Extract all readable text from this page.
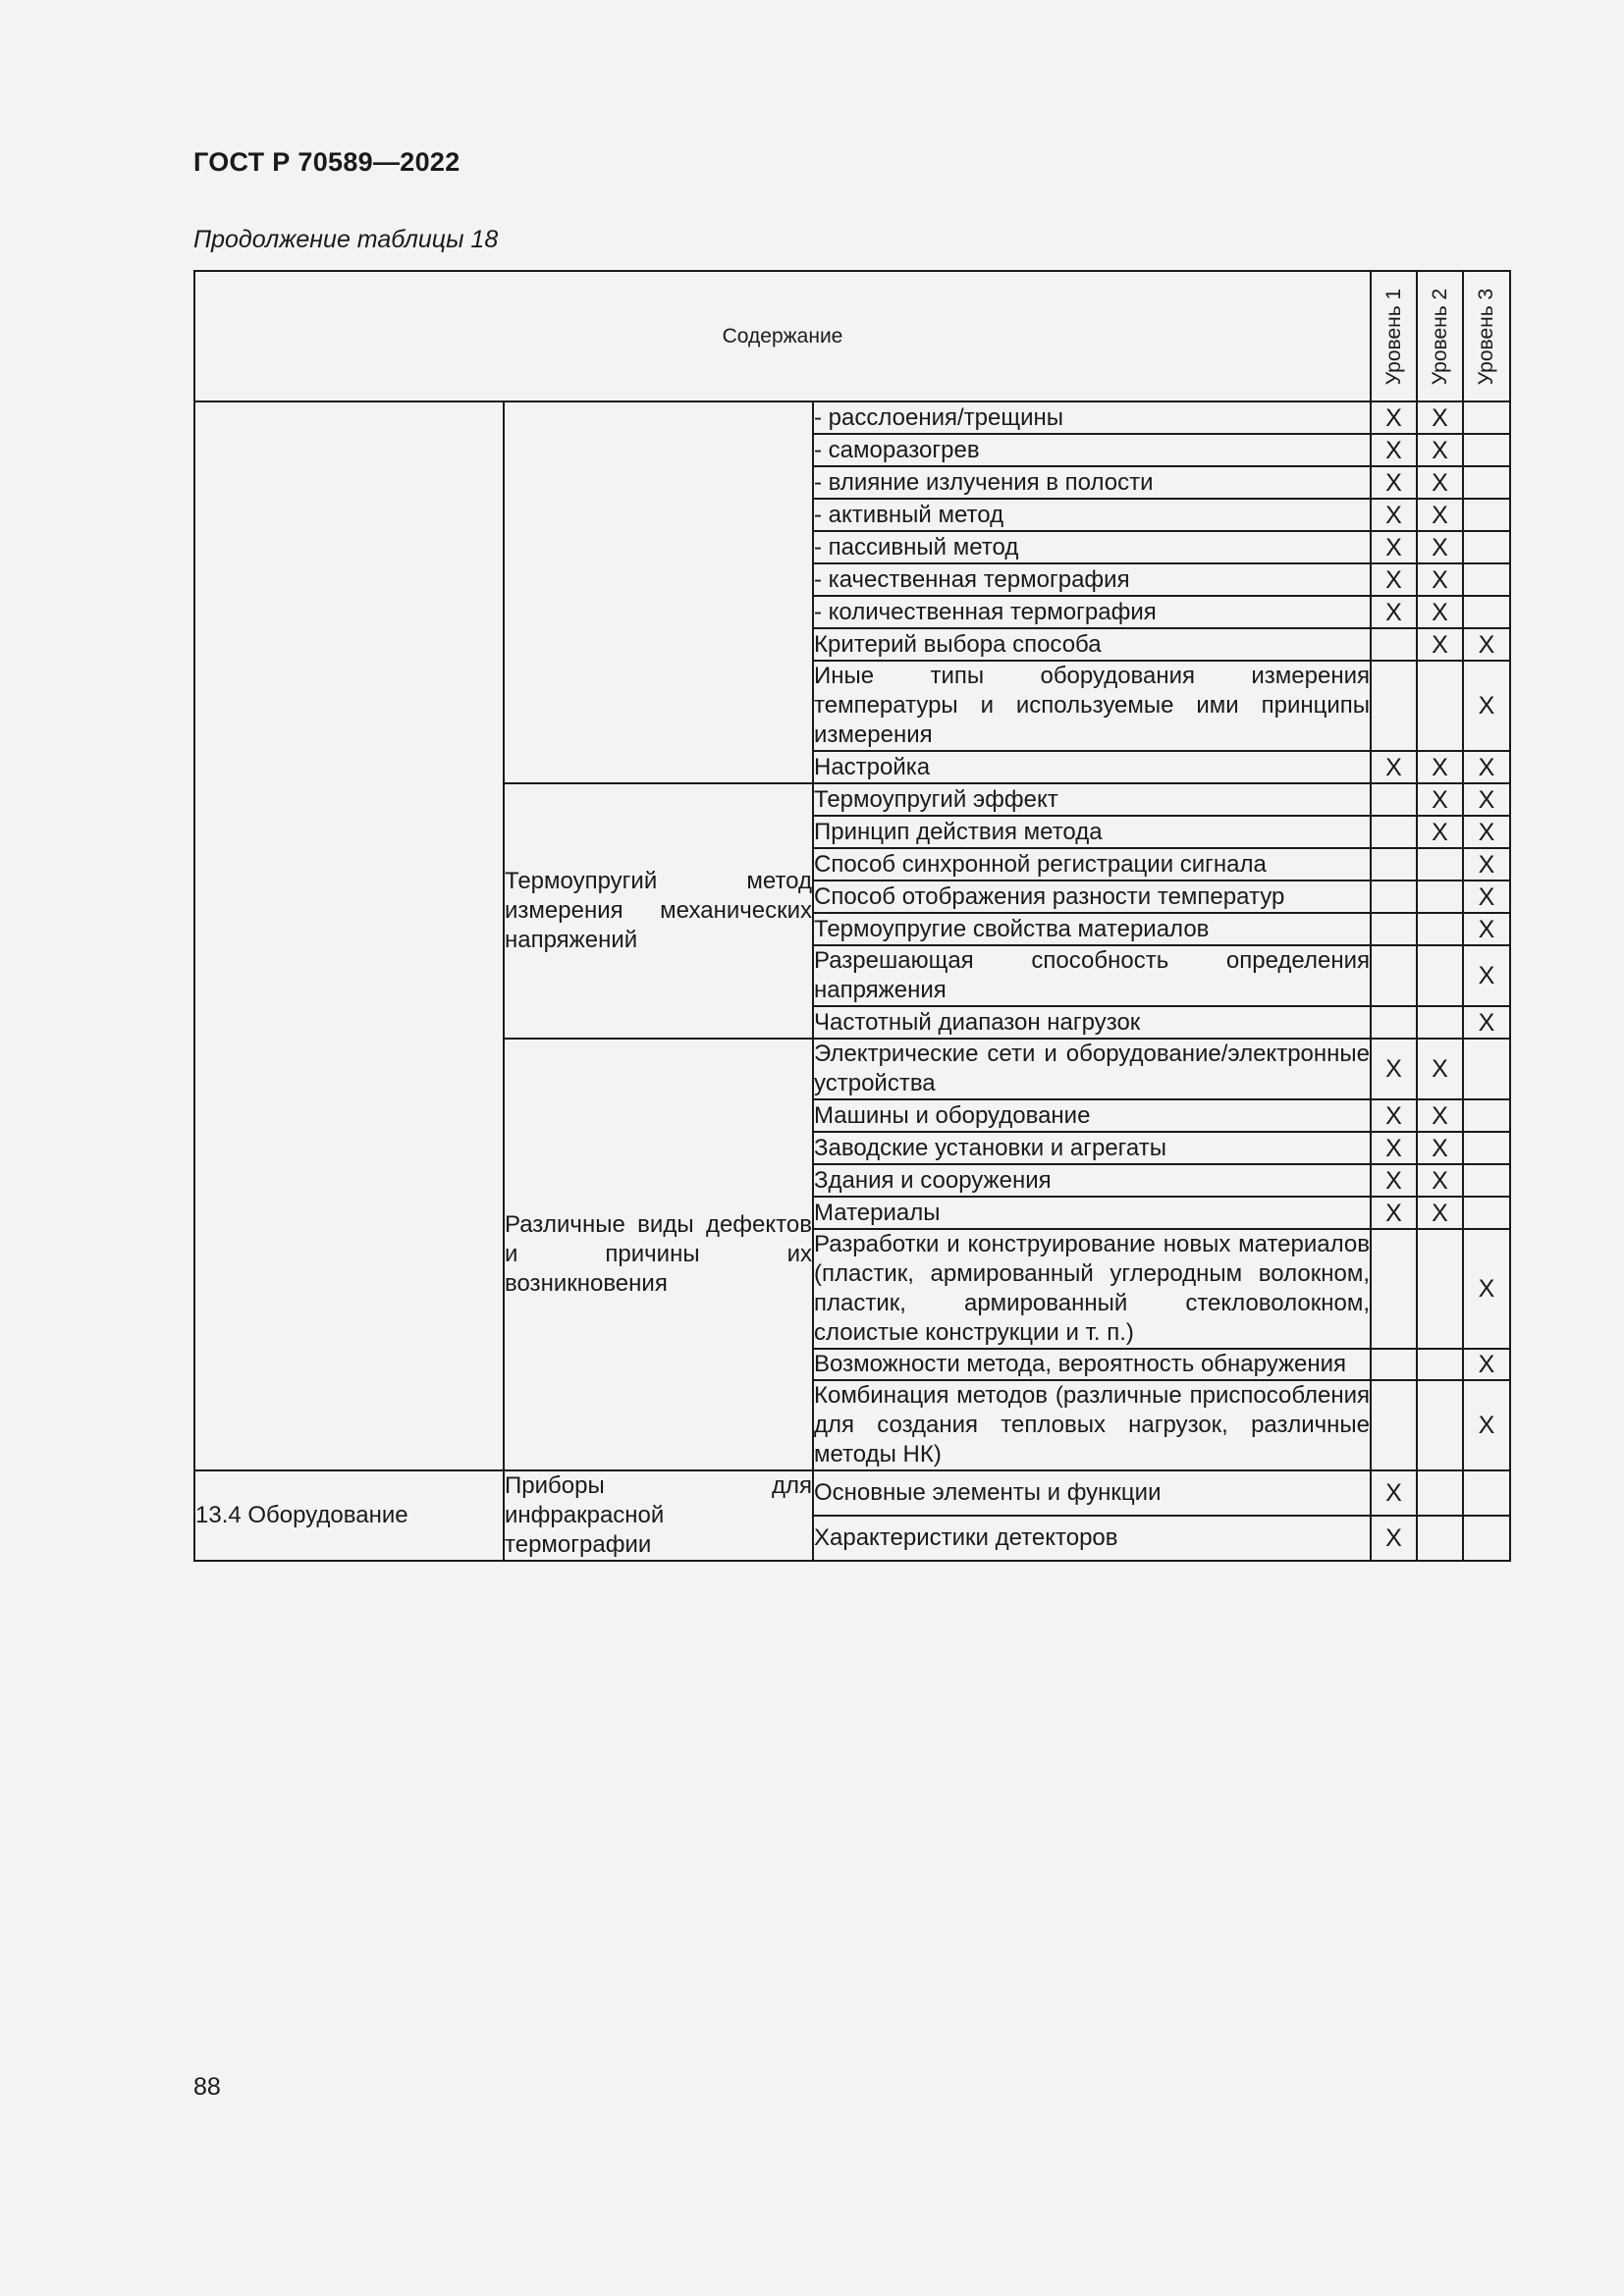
ГОСТ Р 70589—2022
Продолжение таблицы 18
Содержание			Уровень 1	Уровень 2	Уровень 3

		- расслоения/трещины	X	X	
		- саморазогрев	X	X	
		- влияние излучения в полости	X	X	
		- активный метод	X	X	
		- пассивный метод	X	X	
		- качественная термография	X	X	
		- количественная термография	X	X	
		Критерий выбора способа		X	X
		Иные типы оборудования измерения температуры и используемые ими принципы измерения			X
		Настройка	X	X	X
	Термоупругий метод измерения механических напряжений	Термоупругий эффект		X	X
		Принцип действия метода		X	X
		Способ синхронной регистрации сигнала			X
		Способ отображения разности температур			X
		Термоупругие свойства материалов			X
		Разрешающая способность определения напряжения			X
		Частотный диапазон нагрузок			X
	Различные виды дефектов и причины их возникновения	Электрические сети и оборудование/электронные устройства	X	X	
		Машины и оборудование	X	X	
		Заводские установки и агрегаты	X	X	
		Здания и сооружения	X	X	
		Материалы	X	X	
		Разработки и конструирование новых материалов (пластик, армированный углеродным волокном, пластик, армированный стекловолокном, слоистые конструкции и т. п.)			X
		Возможности метода, вероятность обнаружения			X
		Комбинация методов (различные приспособления для создания тепловых нагрузок, различные методы НК)			X
13.4 Оборудование	Приборы для инфракрасной термографии	Основные элементы и функции	X		
		Характеристики детекторов	X		
88
